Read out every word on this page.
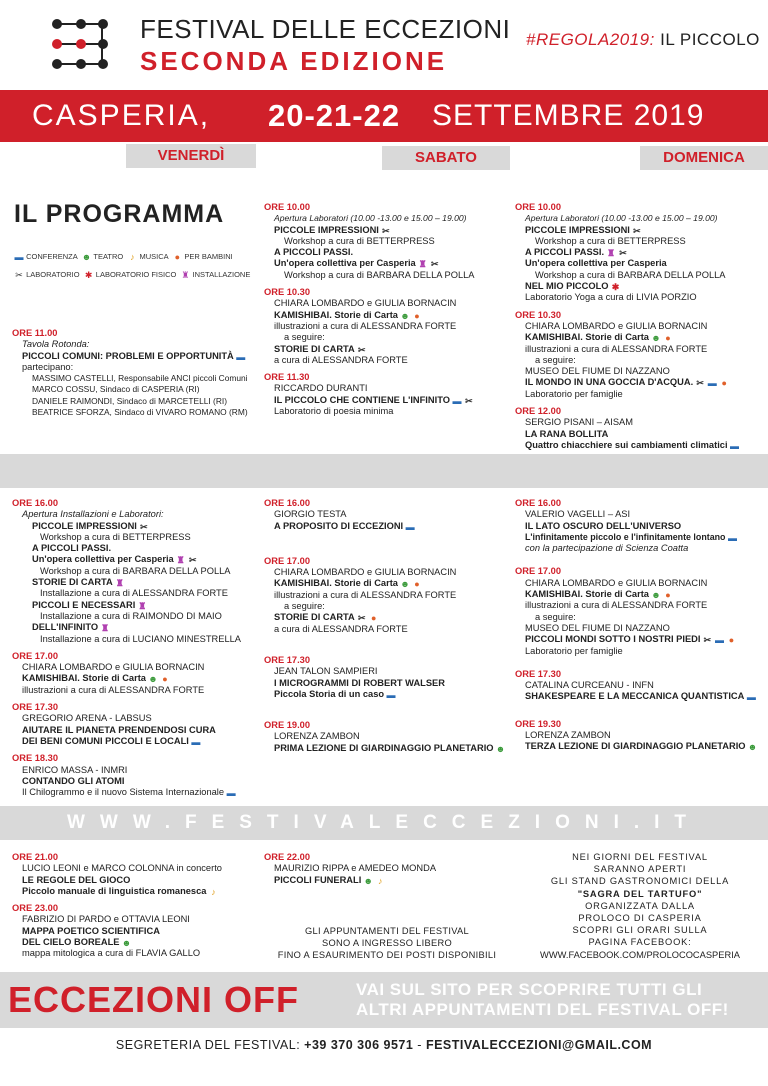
FESTIVAL DELLE ECCEZIONI
SECONDA EDIZIONE
#REGOLA2019: IL PICCOLO
CASPERIA, 20-21-22 SETTEMBRE 2019
VENERDÌ	SABATO	DOMENICA
IL PROGRAMMA
▬ CONFERENZA ☻ TEATRO ♪ MUSICA ● PER BAMBINI
✂ LABORATORIO ✱ LABORATORIO FISICO ♜ INSTALLAZIONE
ORE 11.00
Tavola Rotonda:
PICCOLI COMUNI: PROBLEMI E OPPORTUNITÀ ▬
partecipano:
MASSIMO CASTELLI, Responsabile ANCI piccoli Comuni
MARCO COSSU, Sindaco di CASPERIA (RI)
DANIELE RAIMONDI, Sindaco di MARCETELLI (RI)
BEATRICE SFORZA, Sindaco di VIVARO ROMANO (RM)
ORE 10.00
Apertura Laboratori (10.00 -13.00 e 15.00 – 19.00)
PICCOLE IMPRESSIONI ✂
Workshop a cura di BETTERPRESS
A PICCOLI PASSI.
Un'opera collettiva per Casperia ♜ ✂
Workshop a cura di BARBARA DELLA POLLA
ORE 10.30
CHIARA LOMBARDO e GIULIA BORNACIN
KAMISHIBAI. Storie di Carta ☻ ●
illustrazioni a cura di ALESSANDRA FORTE
a seguire:
STORIE DI CARTA ✂
a cura di ALESSANDRA FORTE
ORE 11.30
RICCARDO DURANTI
IL PICCOLO CHE CONTIENE L'INFINITO ▬ ✂
Laboratorio di poesia minima
ORE 10.00
Apertura Laboratori (10.00 -13.00 e 15.00 – 19.00)
PICCOLE IMPRESSIONI ✂
Workshop a cura di BETTERPRESS
A PICCOLI PASSI. ♜ ✂
Un'opera collettiva per Casperia
Workshop a cura di BARBARA DELLA POLLA
NEL MIO PICCOLO ✱
Laboratorio Yoga a cura di LIVIA PORZIO
ORE 10.30
CHIARA LOMBARDO e GIULIA BORNACIN
KAMISHIBAI. Storie di Carta ☻ ●
illustrazioni a cura di ALESSANDRA FORTE
a seguire:
MUSEO DEL FIUME DI NAZZANO
IL MONDO IN UNA GOCCIA D'ACQUA. ✂ ▬ ●
Laboratorio per famiglie
ORE 12.00
SERGIO PISANI – AISAM
LA RANA BOLLITA
Quattro chiacchiere sui cambiamenti climatici ▬
ORE 16.00
Apertura Installazioni e Laboratori:
PICCOLE IMPRESSIONI ✂
Workshop a cura di BETTERPRESS
A PICCOLI PASSI.
Un'opera collettiva per Casperia ♜ ✂
Workshop a cura di BARBARA DELLA POLLA
STORIE DI CARTA ♜
Installazione a cura di ALESSANDRA FORTE
PICCOLI E NECESSARI ♜
Installazione a cura di RAIMONDO DI MAIO
DELL'INFINITO ♜
Installazione a cura di LUCIANO MINESTRELLA
ORE 17.00
CHIARA LOMBARDO e GIULIA BORNACIN
KAMISHIBAI. Storie di Carta ☻ ●
illustrazioni a cura di ALESSANDRA FORTE
ORE 17.30
GREGORIO ARENA - LABSUS
AIUTARE IL PIANETA PRENDENDOSI CURA
DEI BENI COMUNI PICCOLI E LOCALI ▬
ORE 18.30
ENRICO MASSA - INMRI
CONTANDO GLI ATOMI
Il Chilogrammo e il nuovo Sistema Internazionale ▬
ORE 16.00
GIORGIO TESTA
A PROPOSITO DI ECCEZIONI ▬
ORE 17.00
CHIARA LOMBARDO e GIULIA BORNACIN
KAMISHIBAI. Storie di Carta ☻ ●
illustrazioni a cura di ALESSANDRA FORTE
a seguire:
STORIE DI CARTA ✂ ●
a cura di ALESSANDRA FORTE
ORE 17.30
JEAN TALON SAMPIERI
I MICROGRAMMI DI ROBERT WALSER
Piccola Storia di un caso ▬
ORE 19.00
LORENZA ZAMBON
PRIMA LEZIONE DI GIARDINAGGIO PLANETARIO ☻
ORE 16.00
VALERIO VAGELLI – ASI
IL LATO OSCURO DELL'UNIVERSO
L'infinitamente piccolo e l'infinitamente lontano ▬
con la partecipazione di Scienza Coatta
ORE 17.00
CHIARA LOMBARDO e GIULIA BORNACIN
KAMISHIBAI. Storie di Carta ☻ ●
illustrazioni a cura di ALESSANDRA FORTE
a seguire:
MUSEO DEL FIUME DI NAZZANO
PICCOLI MONDI SOTTO I NOSTRI PIEDI ✂ ▬ ●
Laboratorio per famiglie
ORE 17.30
CATALINA CURCEANU - INFN
SHAKESPEARE E LA MECCANICA QUANTISTICA ▬
ORE 19.30
LORENZA ZAMBON
TERZA LEZIONE DI GIARDINAGGIO PLANETARIO ☻
WWW.FESTIVALECCEZIONI.IT
ORE 21.00
LUCIO LEONI e MARCO COLONNA in concerto
LE REGOLE DEL GIOCO
Piccolo manuale di linguistica romanesca ♪
ORE 23.00
FABRIZIO DI PARDO e OTTAVIA LEONI
MAPPA POETICO SCIENTIFICA
DEL CIELO BOREALE ☻
mappa mitologica a cura di FLAVIA GALLO
ORE 22.00
MAURIZIO RIPPA e AMEDEO MONDA
PICCOLI FUNERALI ☻ ♪
GLI APPUNTAMENTI DEL FESTIVAL
SONO A INGRESSO LIBERO
FINO A ESAURIMENTO DEI POSTI DISPONIBILI
NEI GIORNI DEL FESTIVAL
SARANNO APERTI
GLI STAND GASTRONOMICI DELLA
"SAGRA DEL TARTUFO"
ORGANIZZATA DALLA
PROLOCO DI CASPERIA
SCOPRI GLI ORARI SULLA
PAGINA FACEBOOK:
WWW.FACEBOOK.COM/PROLOCOCASPERIA
ECCEZIONI OFF	VAI SUL SITO PER SCOPRIRE TUTTI GLI
ALTRI APPUNTAMENTI DEL FESTIVAL OFF!
SEGRETERIA DEL FESTIVAL: +39 370 306 9571 - FESTIVALECCEZIONI@GMAIL.COM
